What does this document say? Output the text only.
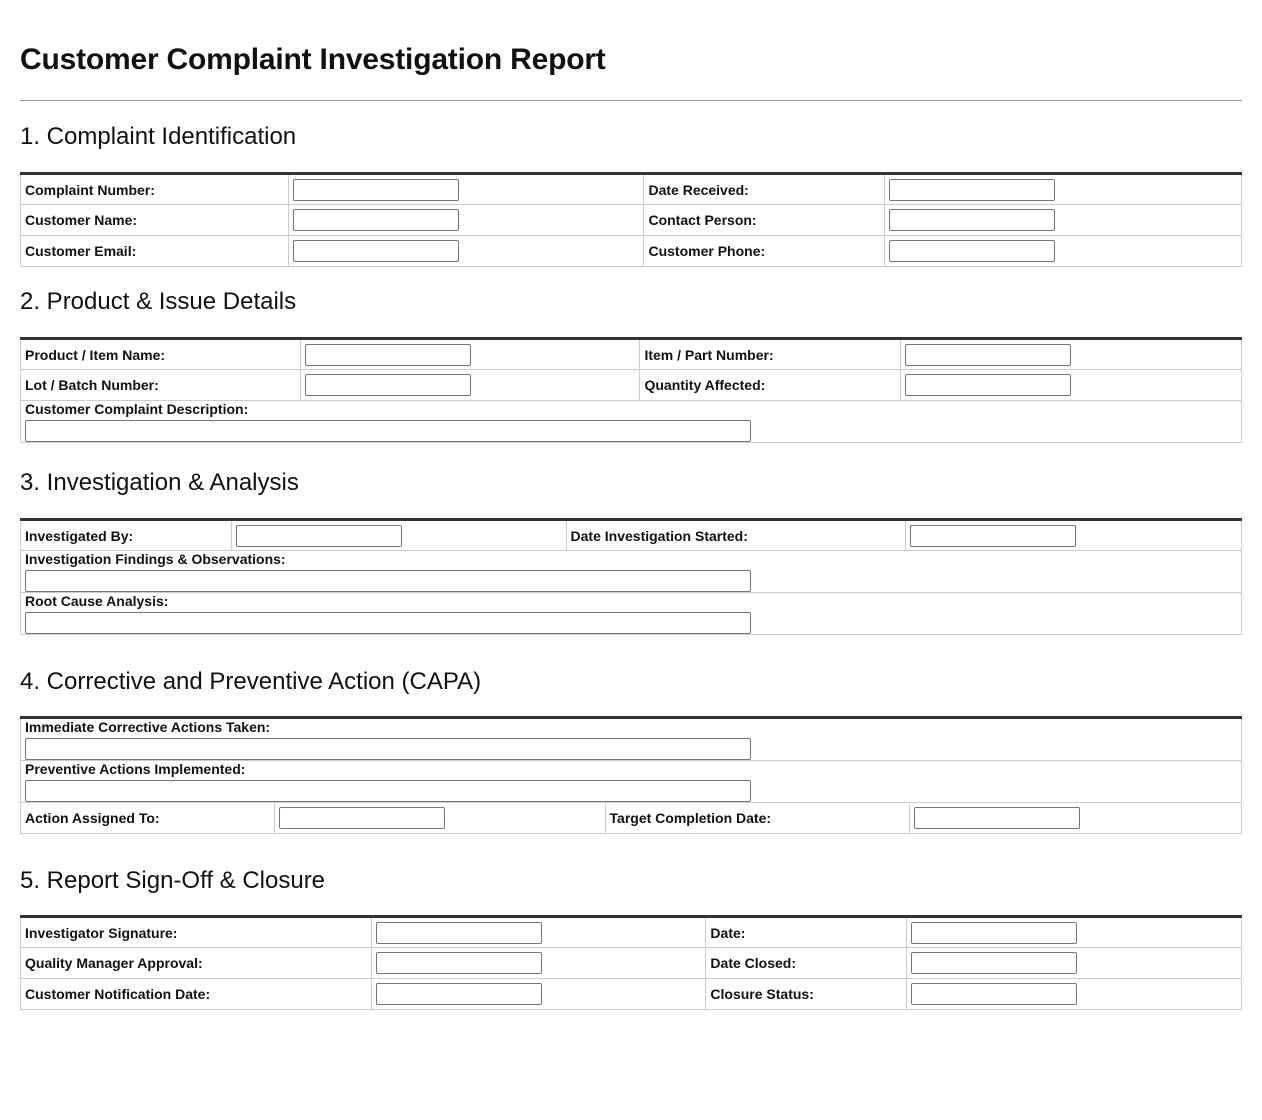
Customer Complaint Investigation Report
1. Complaint Identification
Complaint Number:		Date Received:	

Customer Name:		Contact Person:	

Customer Email:		Customer Phone:	
2. Product & Issue Details
Product / Item Name:		Item / Part Number:	

Lot / Batch Number:		Quantity Affected:	

Customer Complaint Description:			
3. Investigation & Analysis
Investigated By:		Date Investigation Started:	

Investigation Findings & Observations:

Root Cause Analysis:
4. Corrective and Preventive Action (CAPA)
Immediate Corrective Actions Taken:

Preventive Actions Implemented:

Action Assigned To:		Target Completion Date:	
5. Report Sign-Off & Closure
Investigator Signature:		Date:	

Quality Manager Approval:		Date Closed:	

Customer Notification Date:		Closure Status:	
